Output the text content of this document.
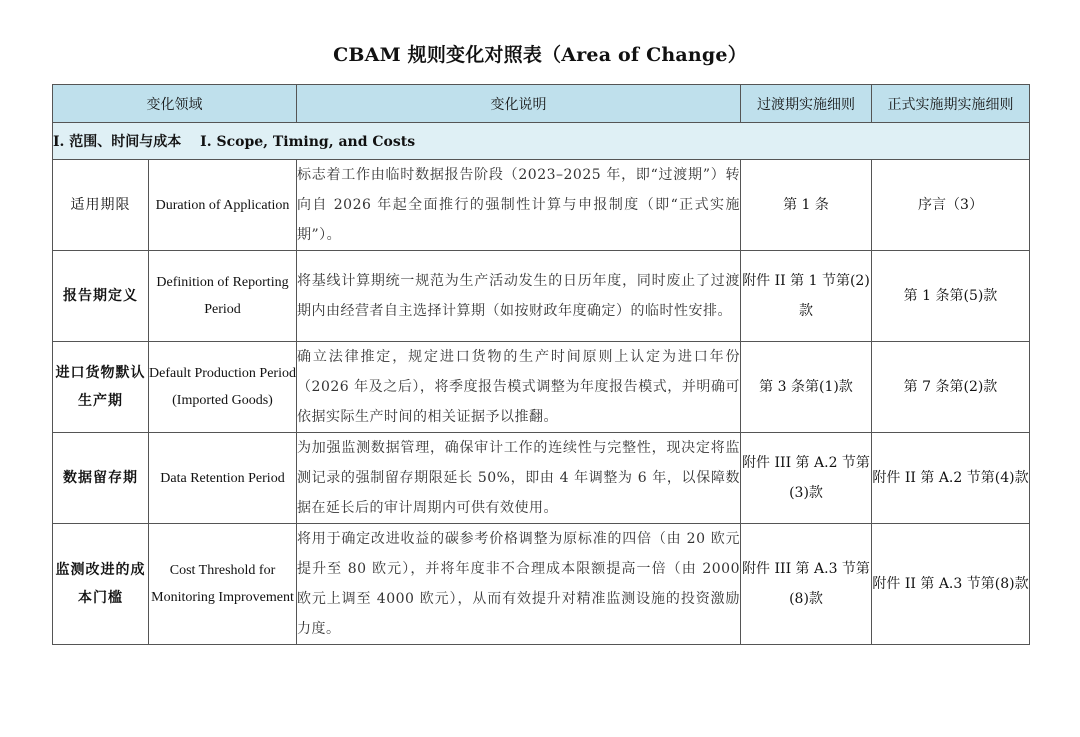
CBAM 规则变化对照表（Area of Change）
变化领域		变化说明	过渡期实施细则	正式实施期实施细则
I. 范围、时间与成本　 I. Scope, Timing, and Costs				
适用期限	Duration of Application	标志着工作由临时数据报告阶段（2023–2025 年，即“过渡期”）转向自 2026 年起全面推行的强制性计算与申报制度（即“正式实施期”）。	第 1 条	序言（3）
报告期定义	Definition of Reporting Period	将基线计算期统一规范为生产活动发生的日历年度，同时废止了过渡期内由经营者自主选择计算期（如按财政年度确定）的临时性安排。	附件 II 第 1 节第(2)款	第 1 条第(5)款
进口货物默认生产期	Default Production Period (Imported Goods)	确立法律推定，规定进口货物的生产时间原则上认定为进口年份（2026 年及之后），将季度报告模式调整为年度报告模式，并明确可依据实际生产时间的相关证据予以推翻。	第 3 条第(1)款	第 7 条第(2)款
数据留存期	Data Retention Period	为加强监测数据管理，确保审计工作的连续性与完整性，现决定将监测记录的强制留存期限延长 50%，即由 4 年调整为 6 年，以保障数据在延长后的审计周期内可供有效使用。	附件 III 第 A.2 节第(3)款	附件 II 第 A.2 节第(4)款
监测改进的成本门槛	Cost Threshold for Monitoring Improvement	将用于确定改进收益的碳参考价格调整为原标准的四倍（由 20 欧元提升至 80 欧元），并将年度非不合理成本限额提高一倍（由 2000 欧元上调至 4000 欧元），从而有效提升对精准监测设施的投资激励力度。	附件 III 第 A.3 节第(8)款	附件 II 第 A.3 节第(8)款
